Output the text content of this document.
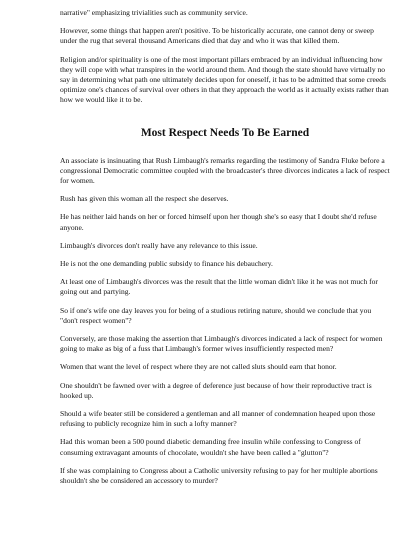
narrative" emphasizing trivialities such as community service.

However, some things that happen aren't positive. To be historically accurate, one cannot deny or sweep under the rug that several thousand Americans died that day and who it was that killed them.

Religion and/or spirituality is one of the most important pillars embraced by an individual influencing how they will cope with what transpires in the world around them. And though the state should have virtually no say in determining what path one ultimately decides upon for oneself, it has to be admitted that some creeds optimize one's chances of survival over others in that they approach the world as it actually exists rather than how we would like it to be.

Most Respect Needs To Be Earned

An associate is insinuating that Rush Limbaugh's remarks regarding the testimony of Sandra Fluke before a congressional Democratic committee coupled with the broadcaster's three divorces indicates a lack of respect for women.

Rush has given this woman all the respect she deserves.

He has neither laid hands on her or forced himself upon her though she's so easy that I doubt she'd refuse anyone.

Limbaugh's divorces don't really have any relevance to this issue.

He is not the one demanding public subsidy to finance his debauchery.

At least one of Limbaugh's divorces was the result that the little woman didn't like it he was not much for going out and partying.

So if one's wife one day leaves you for being of a studious retiring nature, should we conclude that you "don't respect women"?

Conversely, are those making the assertion that Limbaugh's divorces indicated a lack of respect for women going to make as big of a fuss that Limbaugh's former wives insufficiently respected men?

Women that want the level of respect where they are not called sluts should earn that honor.

One shouldn't be fawned over with a degree of deference just because of how their reproductive tract is hooked up.

Should a wife beater still be considered a gentleman and all manner of condemnation heaped upon those refusing to publicly recognize him in such a lofty manner?

Had this woman been a 500 pound diabetic demanding free insulin while confessing to Congress of consuming extravagant amounts of chocolate, wouldn't she have been called a "glutton"?

If she was complaining to Congress about a Catholic university refusing to pay for her multiple abortions shouldn't she be considered an accessory to murder?
